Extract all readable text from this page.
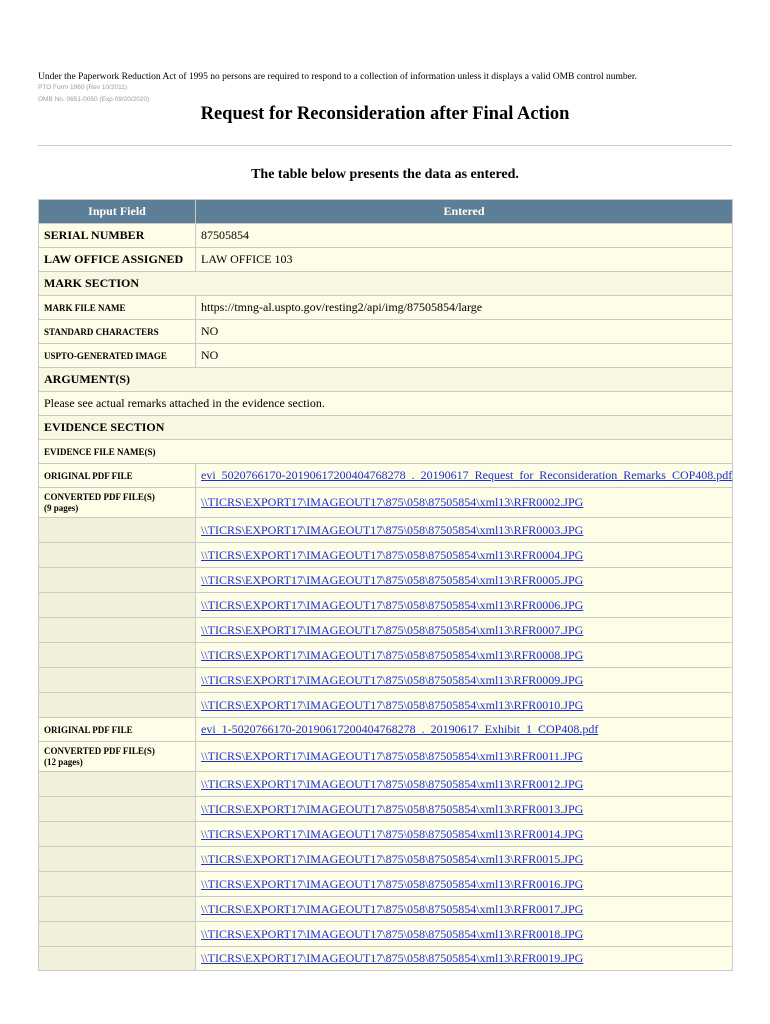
Under the Paperwork Reduction Act of 1995 no persons are required to respond to a collection of information unless it displays a valid OMB control number.
PTO Form 1960 (Rev 10/2011)
OMB No. 0651-0050 (Exp 09/20/2020)
Request for Reconsideration after Final Action
The table below presents the data as entered.
Input Field	Entered
SERIAL NUMBER	87505854
LAW OFFICE ASSIGNED	LAW OFFICE 103
MARK SECTION	
MARK FILE NAME	https://tmng-al.uspto.gov/resting2/api/img/87505854/large
STANDARD CHARACTERS	NO
USPTO-GENERATED IMAGE	NO
ARGUMENT(S)	
Please see actual remarks attached in the evidence section.	
EVIDENCE SECTION	
EVIDENCE FILE NAME(S)	
ORIGINAL PDF FILE	evi_5020766170-20190617200404768278_._20190617_Request_for_Reconsideration_Remarks_COP408.pdf
CONVERTED PDF FILE(S)
(9 pages)	\\TICRS\EXPORT17\IMAGEOUT17\875\058\87505854\xml13\RFR0002.JPG
	\\TICRS\EXPORT17\IMAGEOUT17\875\058\87505854\xml13\RFR0003.JPG
	\\TICRS\EXPORT17\IMAGEOUT17\875\058\87505854\xml13\RFR0004.JPG
	\\TICRS\EXPORT17\IMAGEOUT17\875\058\87505854\xml13\RFR0005.JPG
	\\TICRS\EXPORT17\IMAGEOUT17\875\058\87505854\xml13\RFR0006.JPG
	\\TICRS\EXPORT17\IMAGEOUT17\875\058\87505854\xml13\RFR0007.JPG
	\\TICRS\EXPORT17\IMAGEOUT17\875\058\87505854\xml13\RFR0008.JPG
	\\TICRS\EXPORT17\IMAGEOUT17\875\058\87505854\xml13\RFR0009.JPG
	\\TICRS\EXPORT17\IMAGEOUT17\875\058\87505854\xml13\RFR0010.JPG
ORIGINAL PDF FILE	evi_1-5020766170-20190617200404768278_._20190617_Exhibit_1_COP408.pdf
CONVERTED PDF FILE(S)
(12 pages)	\\TICRS\EXPORT17\IMAGEOUT17\875\058\87505854\xml13\RFR0011.JPG
	\\TICRS\EXPORT17\IMAGEOUT17\875\058\87505854\xml13\RFR0012.JPG
	\\TICRS\EXPORT17\IMAGEOUT17\875\058\87505854\xml13\RFR0013.JPG
	\\TICRS\EXPORT17\IMAGEOUT17\875\058\87505854\xml13\RFR0014.JPG
	\\TICRS\EXPORT17\IMAGEOUT17\875\058\87505854\xml13\RFR0015.JPG
	\\TICRS\EXPORT17\IMAGEOUT17\875\058\87505854\xml13\RFR0016.JPG
	\\TICRS\EXPORT17\IMAGEOUT17\875\058\87505854\xml13\RFR0017.JPG
	\\TICRS\EXPORT17\IMAGEOUT17\875\058\87505854\xml13\RFR0018.JPG
	\\TICRS\EXPORT17\IMAGEOUT17\875\058\87505854\xml13\RFR0019.JPG
